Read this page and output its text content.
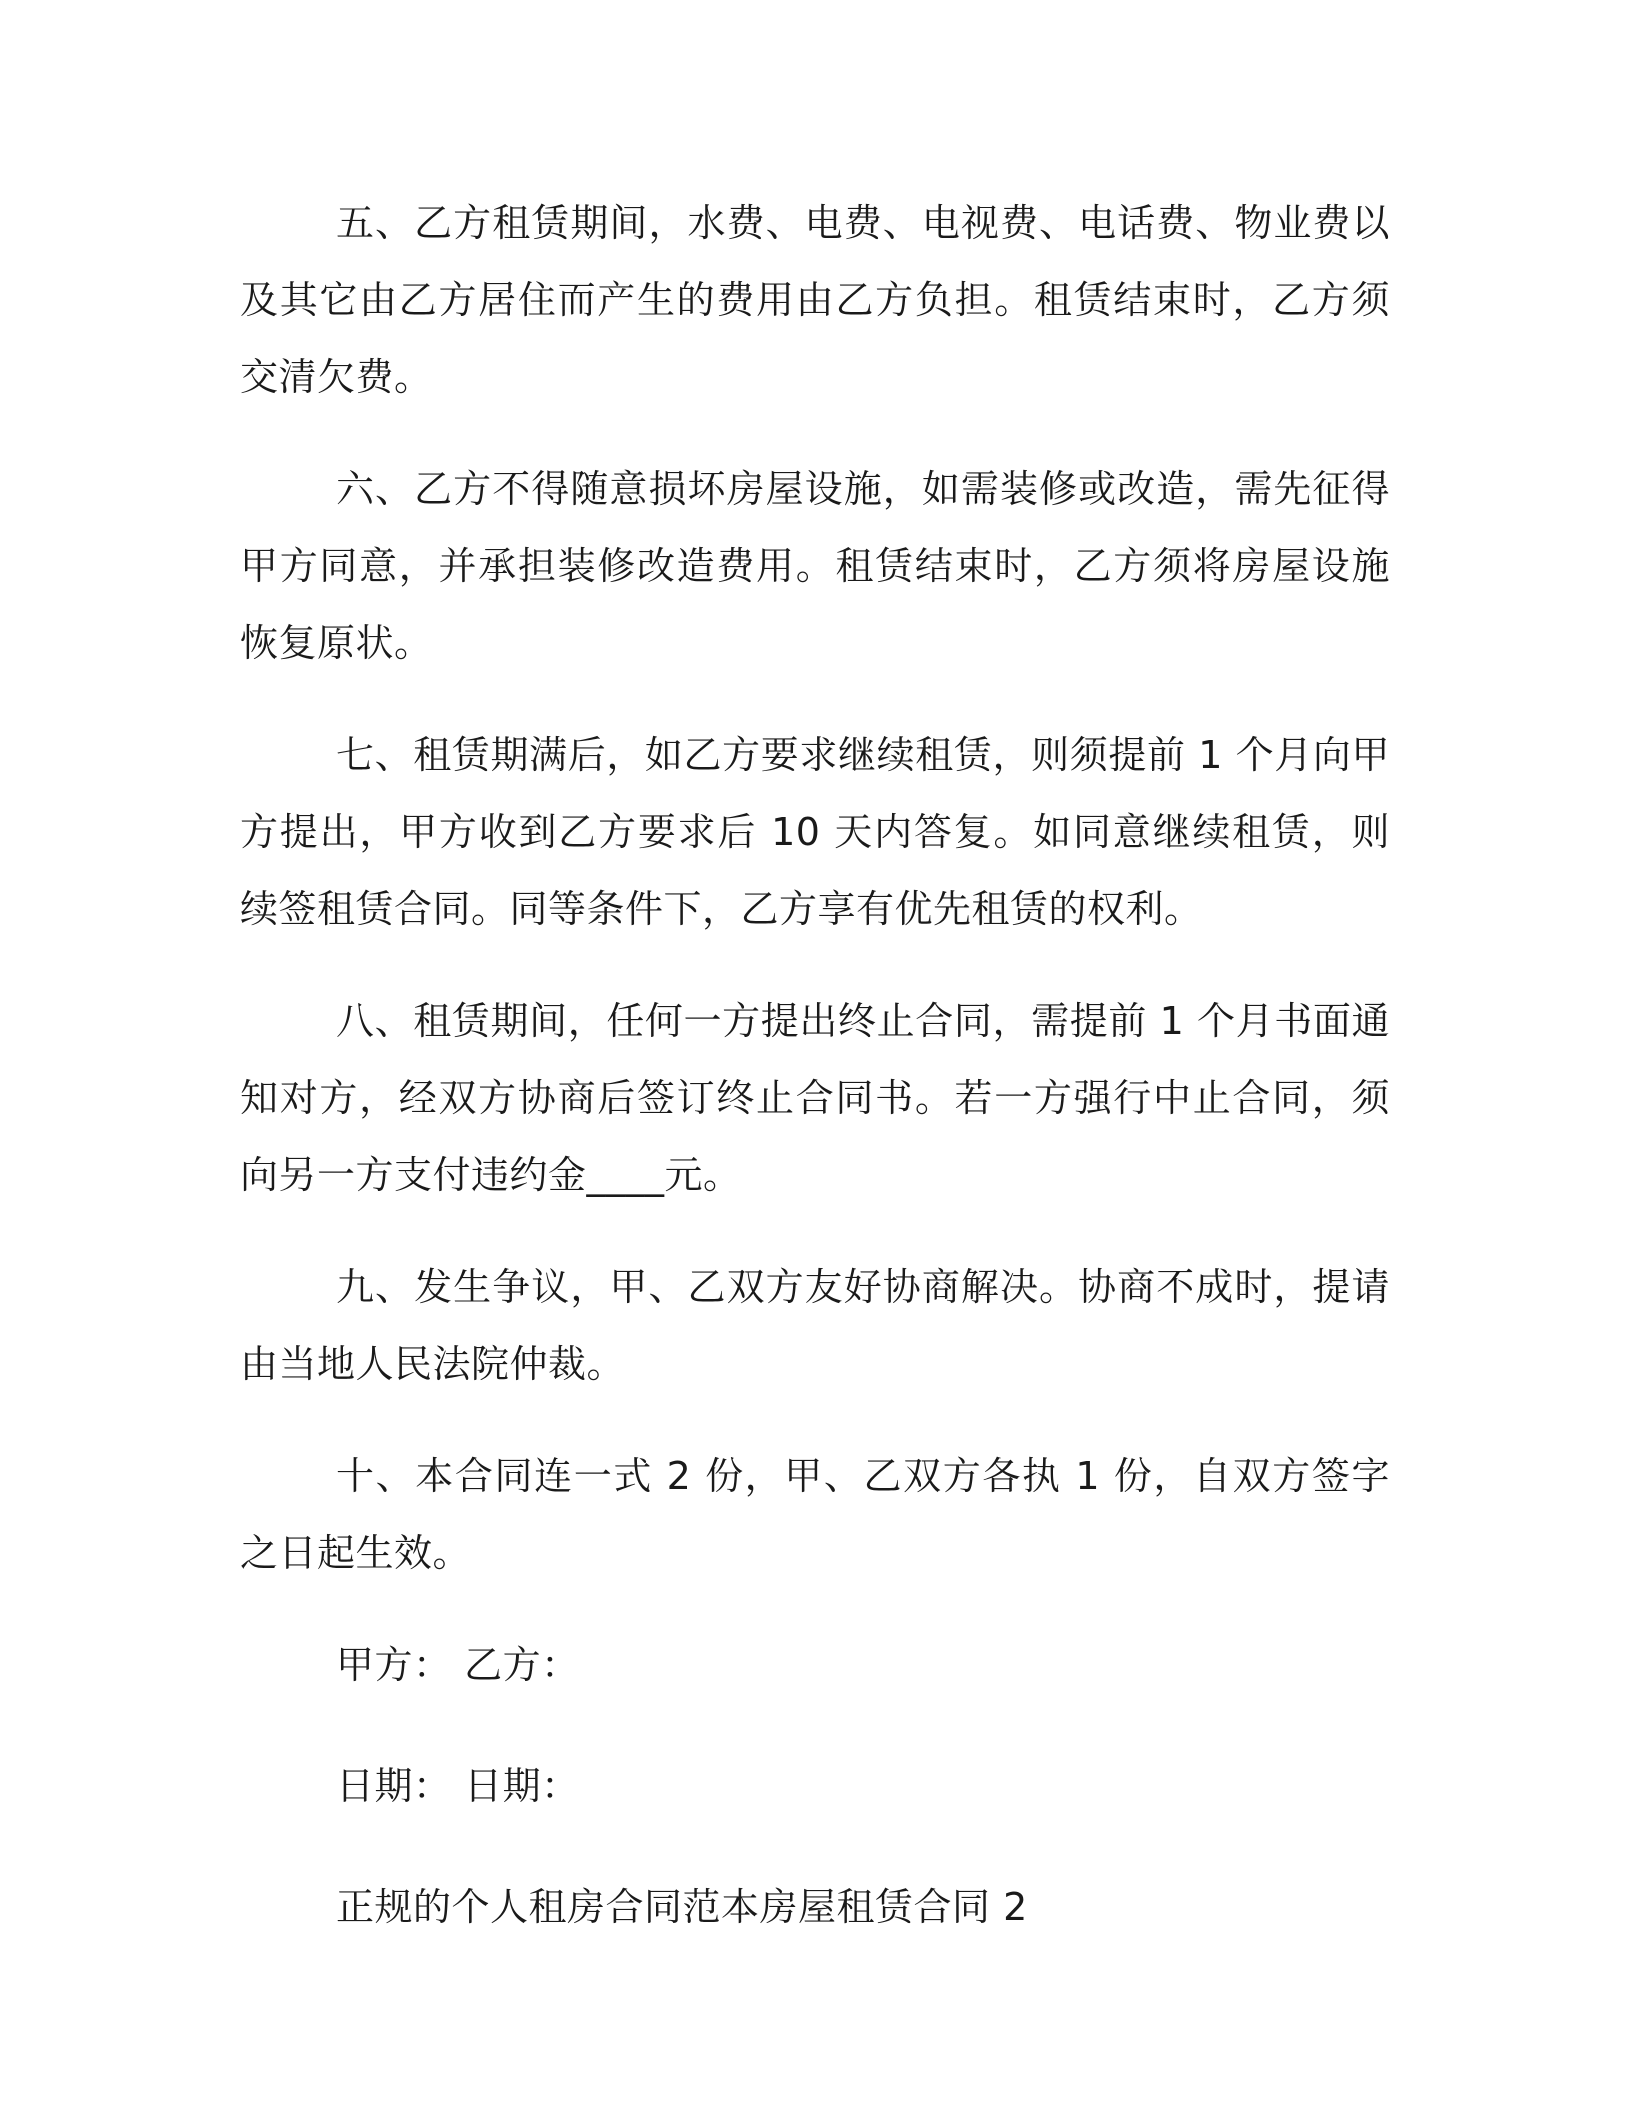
五、乙方租赁期间，水费、电费、电视费、电话费、物业费以及其它由乙方居住而产生的费用由乙方负担。租赁结束时，乙方须交清欠费。

六、乙方不得随意损坏房屋设施，如需装修或改造，需先征得甲方同意，并承担装修改造费用。租赁结束时，乙方须将房屋设施恢复原状。

七、租赁期满后，如乙方要求继续租赁，则须提前 1 个月向甲方提出，甲方收到乙方要求后 10 天内答复。如同意继续租赁，则续签租赁合同。同等条件下，乙方享有优先租赁的权利。

八、租赁期间，任何一方提出终止合同，需提前 1 个月书面通知对方，经双方协商后签订终止合同书。若一方强行中止合同，须向另一方支付违约金____元。

九、发生争议，甲、乙双方友好协商解决。协商不成时，提请由当地人民法院仲裁。

十、本合同连一式 2 份，甲、乙双方各执 1 份，自双方签字之日起生效。

甲方： 乙方：

日期： 日期：

正规的个人租房合同范本房屋租赁合同 2
